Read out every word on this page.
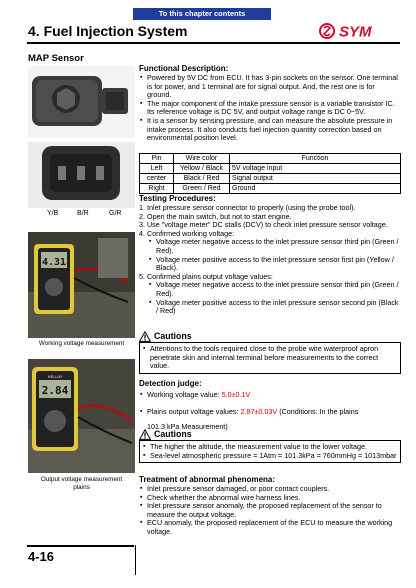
To this chapter contents
4. Fuel Injection System	SYM
MAP Sensor
Y/B	B/R	G/R
4.31
Working voltage measurement
MELLUR
2.84
Output voltage measurement
plains
Functional Description:
▪ Powered by 5V DC from ECU. It has 3-pin sockets on the sensor. One terminal is for power, and 1 terminal are for signal output. And, the rest one is for ground.
▪ The major component of the intake pressure sensor is a variable transistor IC. Its reference voltage is DC 5V, and output voltage range is DC 0~5V.
▪ It is a sensor by sensing pressure, and can measure the absolute pressure in intake process. It also conducts fuel injection quantity correction based on environmental position level.
Pin	Wire color	Function
Left	Yellow / Black	5V voltage input
center	Black / Red	Signal output
Right	Green / Red	Ground
Testing Procedures:
1. Inlet pressure sensor connector to properly (using the probe tool).
2. Open the main switch, but not to start engine.
3. Use "voltage meter" DC stalls (DCV) to check inlet pressure sensor voltage.
4. Confirmed working voltage:
▪ Voltage meter negative access to the inlet pressure sensor third pin (Green / Red).
▪ Voltage meter positive access to the inlet pressure sensor first pin (Yellow / Black).
5. Confirmed plains output voltage values:
▪ Voltage meter negative access to the inlet pressure sensor third pin (Green / Red).
▪ Voltage meter positive access to the inlet pressure sensor second pin (Black / Red)
Cautions
▪ Attentions to the tools required close to the probe wire waterproof apron penetrate skin and internal terminal before measurements to the correct value.
Detection judge:
▪ Working voltage value: 5.0±0.1V
▪ Plains output voltage values: 2.87±0.03V (Conditions: In the plains
101.3 kPa Measurement)
Cautions
▪ The higher the altitude, the measurement value to the lower voltage.
▪ Sea-level atmospheric pressure = 1Atm = 101.3kPa = 760mmHg = 1013mbar
Treatment of abnormal phenomena:
▪ Inlet pressure sensor damaged, or poor contact couplers.
▪ Check whether the abnormal wire harness lines.
▪ Inlet pressure sensor anomaly, the proposed replacement of the sensor to measure the output voltage.
▪ ECU anomaly, the proposed replacement of the ECU to measure the working voltage.
4-16
